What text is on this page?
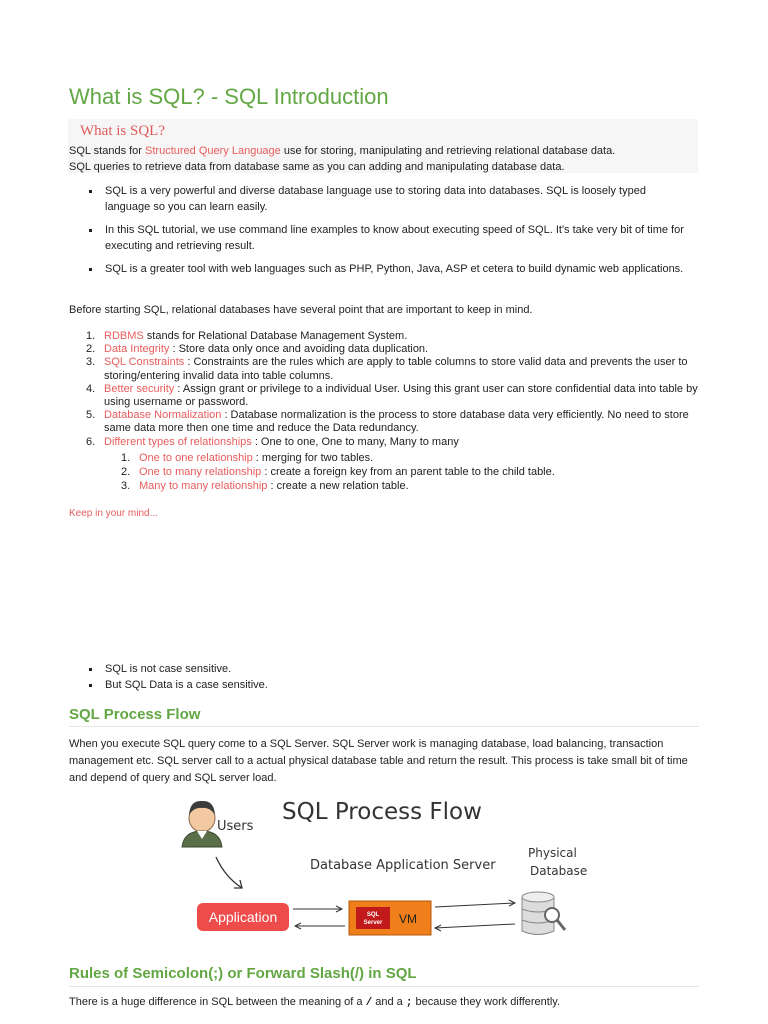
What is SQL? - SQL Introduction
What is SQL?
SQL stands for Structured Query Language use for storing, manipulating and retrieving relational database data.
SQL queries to retrieve data from database same as you can adding and manipulating database data.
SQL is a very powerful and diverse database language use to storing data into databases. SQL is loosely typed language so you can learn easily.
In this SQL tutorial, we use command line examples to know about executing speed of SQL. It's take very bit of time for executing and retrieving result.
SQL is a greater tool with web languages such as PHP, Python, Java, ASP et cetera to build dynamic web applications.
Before starting SQL, relational databases have several point that are important to keep in mind.
1. RDBMS stands for Relational Database Management System.
2. Data Integrity : Store data only once and avoiding data duplication.
3. SQL Constraints : Constraints are the rules which are apply to table columns to store valid data and prevents the user to storing/entering invalid data into table columns.
4. Better security : Assign grant or privilege to a individual User. Using this grant user can store confidential data into table by using username or password.
5. Database Normalization : Database normalization is the process to store database data very efficiently. No need to store same data more then one time and reduce the Data redundancy.
6. Different types of relationships : One to one, One to many, Many to many
1. One to one relationship : merging for two tables.
2. One to many relationship : create a foreign key from an parent table to the child table.
3. Many to many relationship : create a new relation table.
Keep in your mind...
SQL is not case sensitive.
But SQL Data is a case sensitive.
SQL Process Flow
When you execute SQL query come to a SQL Server. SQL Server work is managing database, load balancing, transaction management etc. SQL server call to a actual physical database table and return the result. This process is take small bit of time and depend of query and SQL server load.
SQL Process Flow
Users
Database Application Server
Physical
Database
Application	SQL
Server VM
Rules of Semicolon(;) or Forward Slash(/) in SQL
There is a huge difference in SQL between the meaning of a / and a ; because they work differently.
